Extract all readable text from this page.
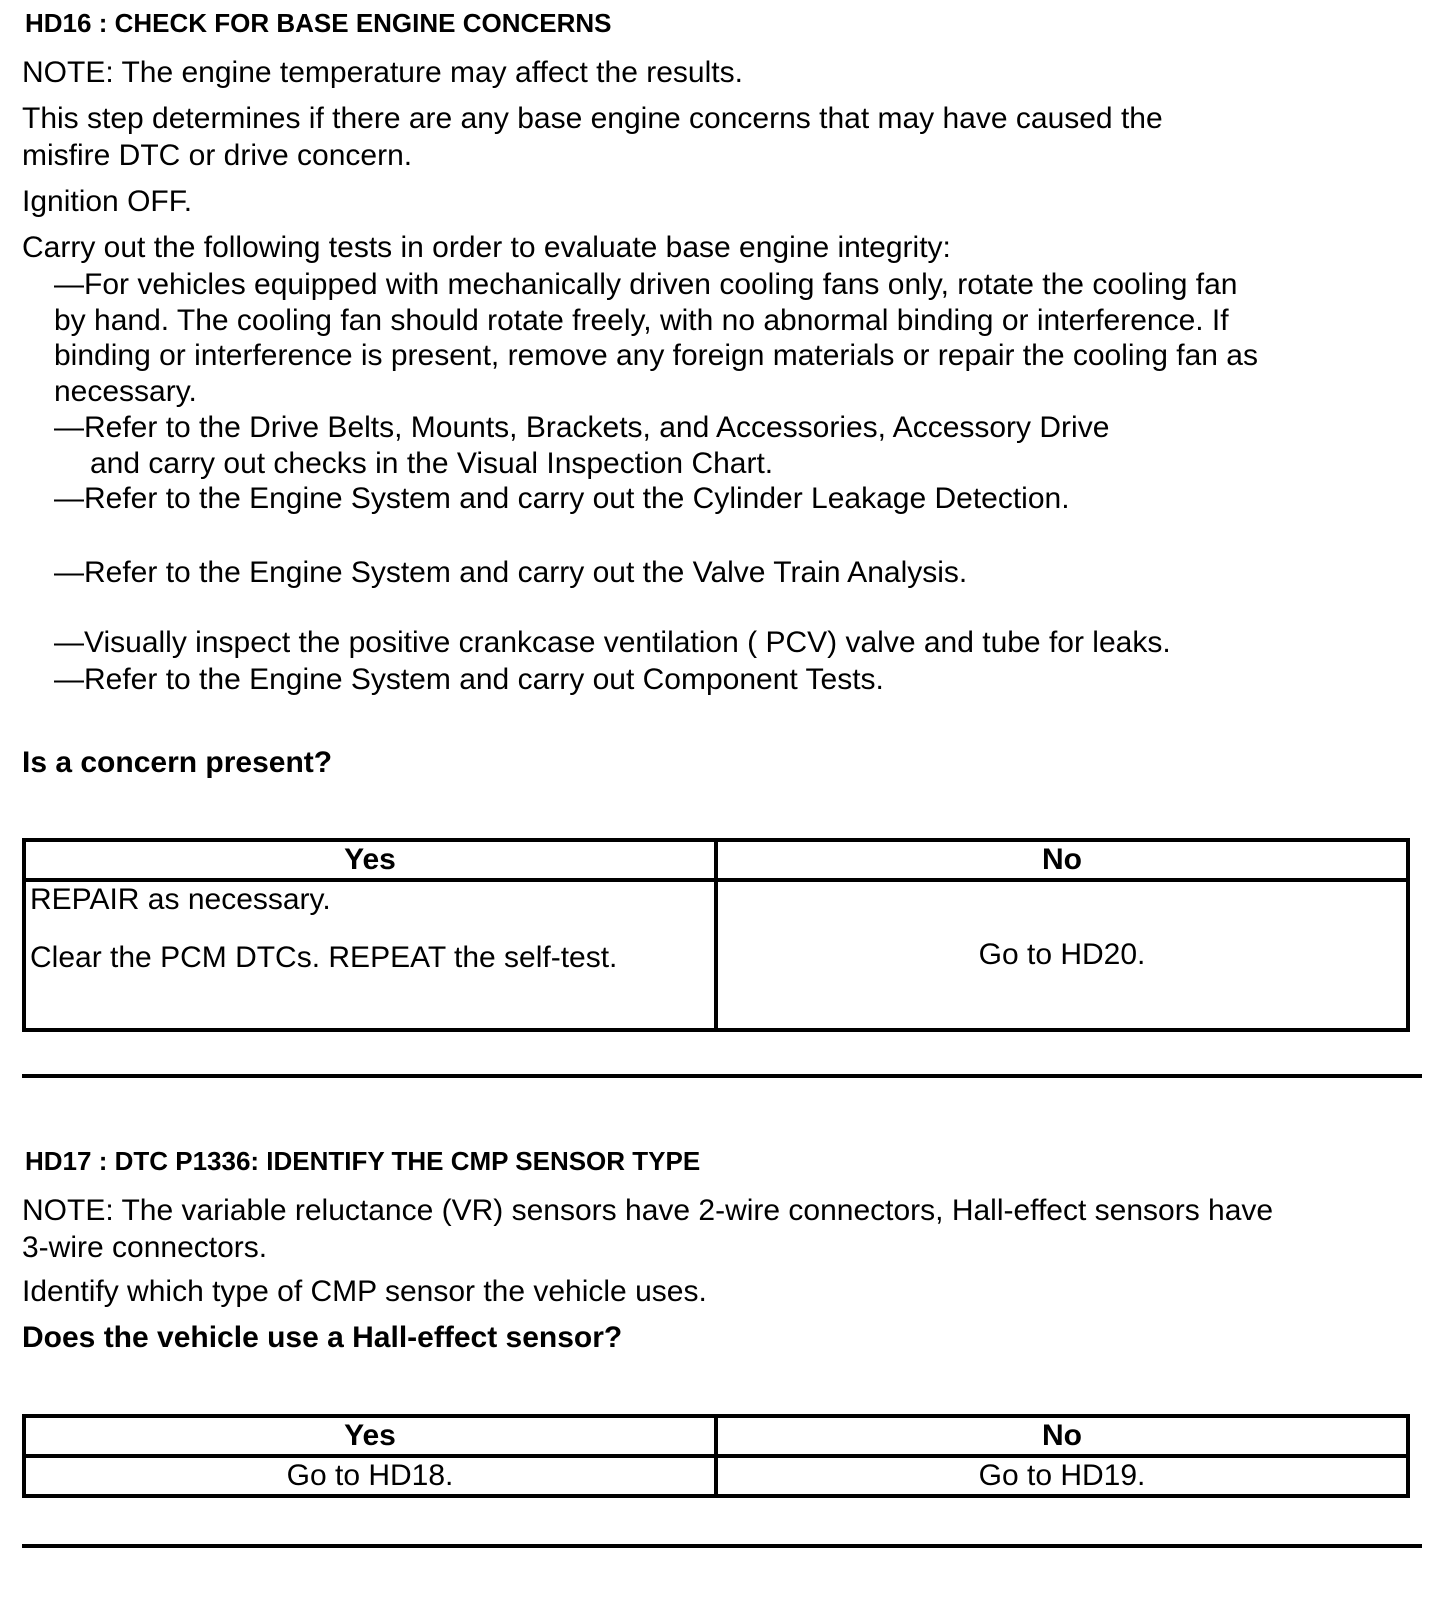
HD16 : CHECK FOR BASE ENGINE CONCERNS
NOTE: The engine temperature may affect the results.
This step determines if there are any base engine concerns that may have caused the
misfire DTC or drive concern.
Ignition OFF.
Carry out the following tests in order to evaluate base engine integrity:
—For vehicles equipped with mechanically driven cooling fans only, rotate the cooling fan
by hand. The cooling fan should rotate freely, with no abnormal binding or interference. If
binding or interference is present, remove any foreign materials or repair the cooling fan as
necessary.
—Refer to the Drive Belts, Mounts, Brackets, and Accessories, Accessory Drive
and carry out checks in the Visual Inspection Chart.
—Refer to the Engine System and carry out the Cylinder Leakage Detection.
—Refer to the Engine System and carry out the Valve Train Analysis.
—Visually inspect the positive crankcase ventilation ( PCV) valve and tube for leaks.
—Refer to the Engine System and carry out Component Tests.
Is a concern present?
Yes	No

REPAIR as necessary.
Clear the PCM DTCs. REPEAT the self-test.	Go to HD20.
HD17 : DTC P1336: IDENTIFY THE CMP SENSOR TYPE
NOTE: The variable reluctance (VR) sensors have 2-wire connectors, Hall-effect sensors have
3-wire connectors.
Identify which type of CMP sensor the vehicle uses.
Does the vehicle use a Hall-effect sensor?
Yes	No
Go to HD18.	Go to HD19.
